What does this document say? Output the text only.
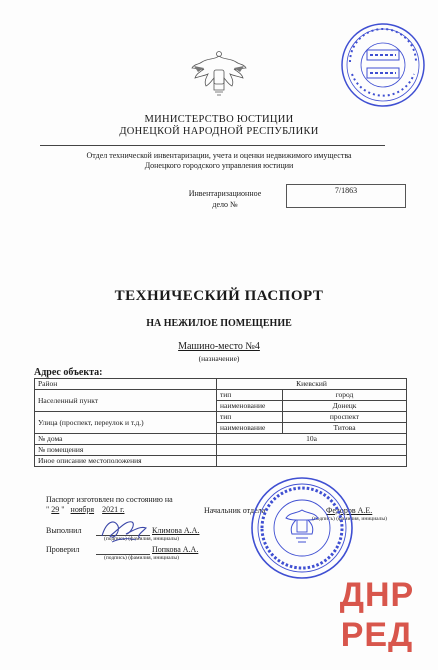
МИНИСТЕРСТВО ЮСТИЦИИ
ДОНЕЦКОЙ НАРОДНОЙ РЕСПУБЛИКИ
Отдел технической инвентаризации, учета и оценки недвижимого имущества
Донецкого городского управления юстиции
Инвентаризационное
дело №
7/1863
ТЕХНИЧЕСКИЙ ПАСПОРТ
НА НЕЖИЛОЕ ПОМЕЩЕНИЕ
Машино-место №4
(назначение)
Адрес объекта:
Район	Киевский	
Населенный пункт	тип	город
	наименование	Донецк
Улица (проспект, переулок и т.д.)	тип	проспект
	наименование	Титова
№ дома	10а	
№ помещения		
Иное описание местоположения		
Паспорт изготовлен по состоянию на
" 29 " ноября 2021 г.	Начальник отдела	Федоров А.Е.
(подпись) (фамилия, инициалы)
Выполнил	Климова А.А.
(подпись) (фамилия, инициалы)
Проверил	Попкова А.А.
(подпись) (фамилия, инициалы)
ДНР
РЕД
